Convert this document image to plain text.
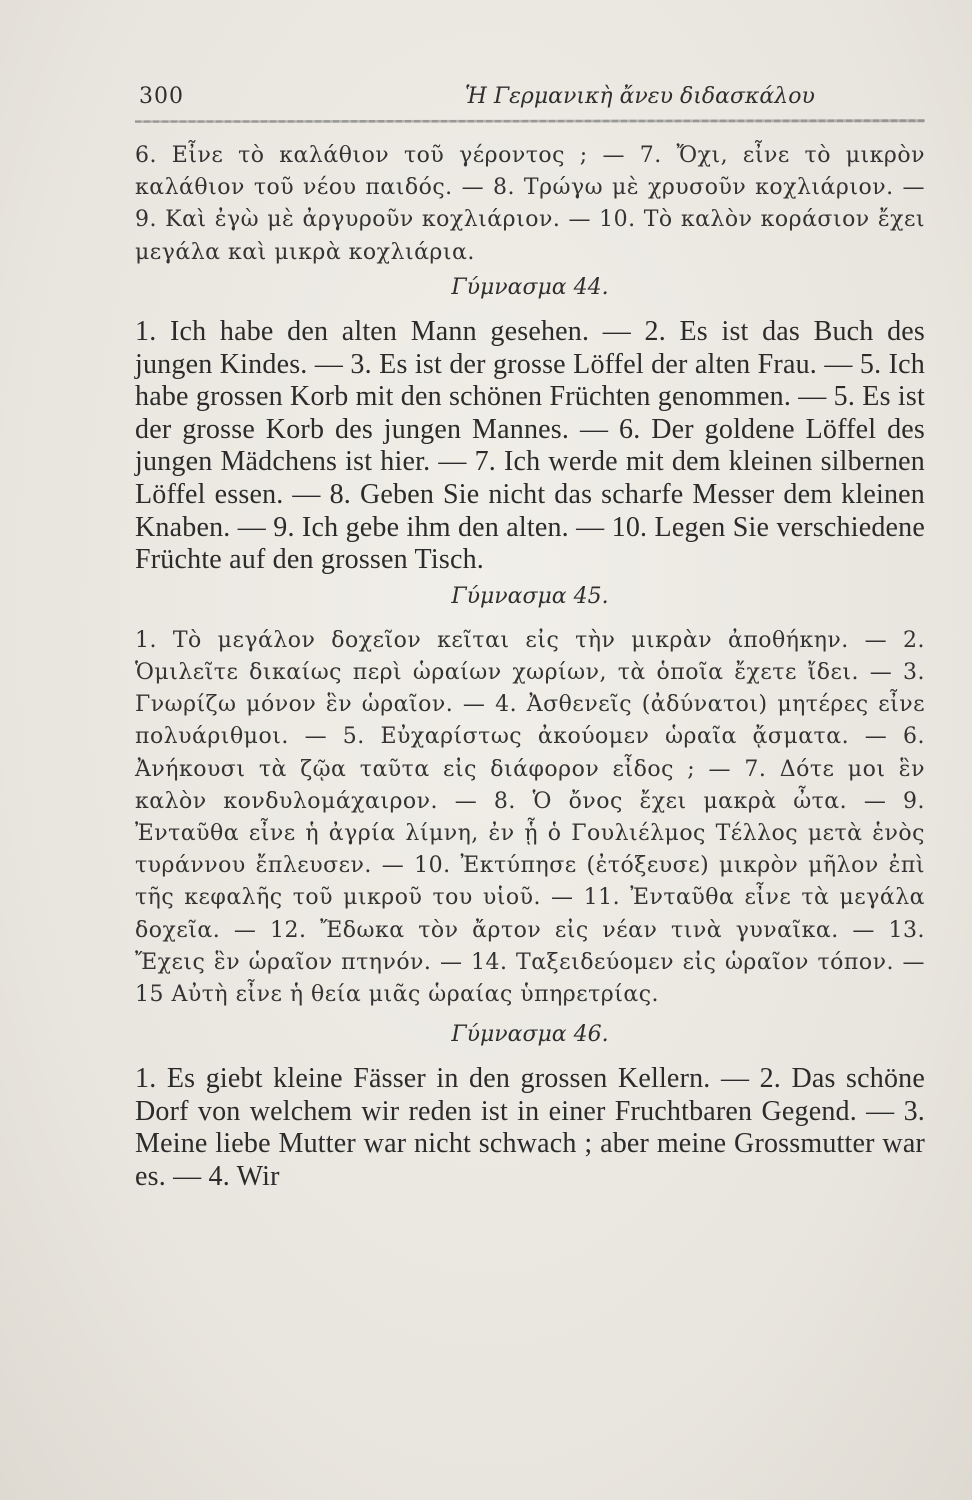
300	Ἡ Γερμανικὴ ἄνευ διδασκάλου

6. Εἶνε τὸ καλάθιον τοῦ γέροντος ; — 7. Ὄχι, εἶνε τὸ μικρὸν καλάθιον τοῦ νέου παιδός. — 8. Τρώγω μὲ χρυσοῦν κοχλιάριον. — 9. Καὶ ἐγὼ μὲ ἀργυροῦν κοχλιάριον. — 10. Τὸ καλὸν κοράσιον ἔχει μεγάλα καὶ μικρὰ κοχλιάρια.

Γύμνασμα 44.

1. Ich habe den alten Mann gesehen. — 2. Es ist das Buch des jungen Kindes. — 3. Es ist der grosse Löffel der alten Frau. — 5. Ich habe grossen Korb mit den schönen Früchten genommen. — 5. Es ist der grosse Korb des jungen Mannes. — 6. Der goldene Löffel des jungen Mädchens ist hier. — 7. Ich werde mit dem kleinen silbernen Löffel essen. — 8. Geben Sie nicht das scharfe Messer dem kleinen Knaben. — 9. Ich gebe ihm den alten. — 10. Legen Sie verschiedene Früchte auf den grossen Tisch.

Γύμνασμα 45.

1. Τὸ μεγάλον δοχεῖον κεῖται εἰς τὴν μικρὰν ἀποθήκην. — 2. Ὁμιλεῖτε δικαίως περὶ ὡραίων χωρίων, τὰ ὁποῖα ἔχετε ἴδει. — 3. Γνωρίζω μόνον ἓν ὡραῖον. — 4. Ἀσθενεῖς (ἀδύνατοι) μητέρες εἶνε πολυάριθμοι. — 5. Εὐχαρίστως ἀκούομεν ὡραῖα ᾄσματα. — 6. Ἀνήκουσι τὰ ζῷα ταῦτα εἰς διάφορον εἶδος ; — 7. Δότε μοι ἓν καλὸν κονδυλομάχαιρον. — 8. Ὁ ὄνος ἔχει μακρὰ ὦτα. — 9. Ἐνταῦθα εἶνε ἡ ἀγρία λίμνη, ἐν ᾗ ὁ Γουλιέλμος Τέλλος μετὰ ἑνὸς τυράννου ἔπλευσεν. — 10. Ἐκτύπησε (ἐτόξευσε) μικρὸν μῆλον ἐπὶ τῆς κεφαλῆς τοῦ μικροῦ του υἱοῦ. — 11. Ἐνταῦθα εἶνε τὰ μεγάλα δοχεῖα. — 12. Ἔδωκα τὸν ἄρτον εἰς νέαν τινὰ γυναῖκα. — 13. Ἔχεις ἓν ὡραῖον πτηνόν. — 14. Ταξειδεύομεν εἰς ὡραῖον τόπον. — 15 Αὐτὴ εἶνε ἡ θεία μιᾶς ὡραίας ὑπηρετρίας.

Γύμνασμα 46.

1. Es giebt kleine Fässer in den grossen Kellern. — 2. Das schöne Dorf von welchem wir reden ist in einer Fruchtbaren Gegend. — 3. Meine liebe Mutter war nicht schwach ; aber meine Grossmutter war es. — 4. Wir
